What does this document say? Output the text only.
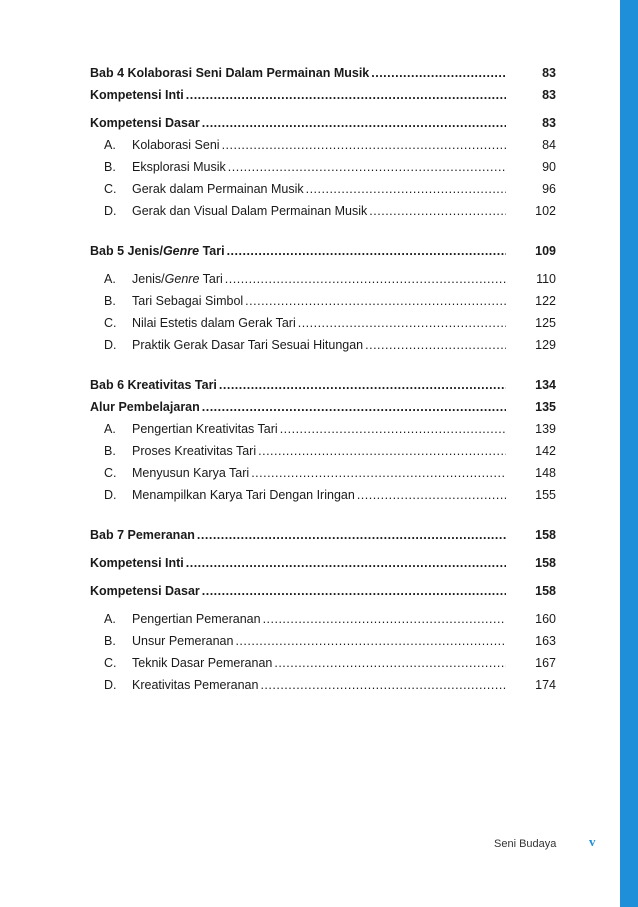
Bab 4 Kolaborasi Seni Dalam Permainan Musik .....	83
Kompetensi Inti .....	83
Kompetensi Dasar .....	83
A.	Kolaborasi Seni .....	84
B.	Eksplorasi Musik .....	90
C.	Gerak dalam Permainan Musik .....	96
D.	Gerak dan Visual Dalam Permainan Musik .....	102
Bab 5 Jenis/Genre Tari .....	109
A.	Jenis/Genre Tari .....	110
B.	Tari Sebagai Simbol .....	122
C.	Nilai Estetis dalam Gerak Tari .....	125
D.	Praktik Gerak Dasar Tari Sesuai Hitungan .....	129
Bab 6 Kreativitas Tari .....	134
Alur Pembelajaran .....	135
A.	Pengertian Kreativitas Tari .....	139
B.	Proses Kreativitas Tari .....	142
C.	Menyusun Karya Tari .....	148
D.	Menampilkan Karya Tari Dengan Iringan .....	155
Bab 7 Pemeranan .....	158
Kompetensi Inti .....	158
Kompetensi Dasar .....	158
A.	Pengertian Pemeranan .....	160
B.	Unsur Pemeranan .....	163
C.	Teknik Dasar Pemeranan .....	167
D.	Kreativitas Pemeranan .....	174
Seni Budaya	v
